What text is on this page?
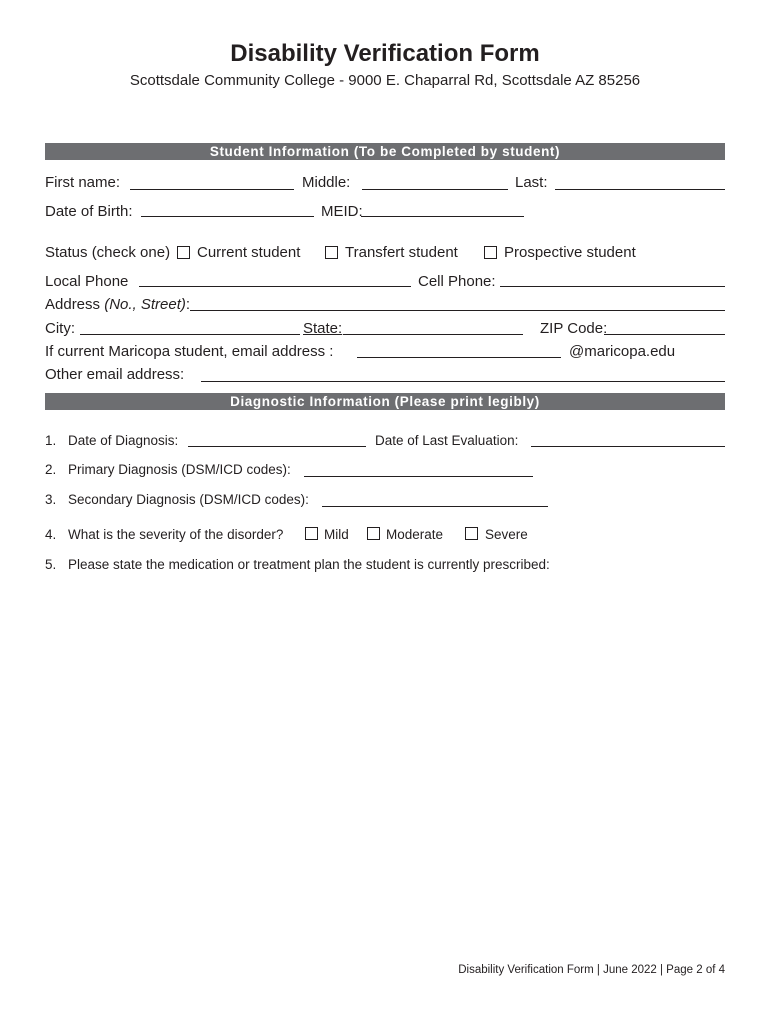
Disability Verification Form
Scottsdale Community College - 9000 E. Chaparral Rd, Scottsdale AZ 85256
Student Information (To be Completed by student)
First name:	Middle:	Last:
Date of Birth:	MEID:
Status (check one) Current student	Transfert student	Prospective student
Local Phone	Cell Phone:
Address (No., Street):
City:	State:	ZIP Code:
If current Maricopa student, email address :	@maricopa.edu
Other email address:
Diagnostic Information (Please print legibly)
1. Date of Diagnosis:	Date of Last Evaluation:
2. Primary Diagnosis (DSM/ICD codes):
3. Secondary Diagnosis (DSM/ICD codes):
4. What is the severity of the disorder?	Mild	Moderate	Severe
5. Please state the medication or treatment plan the student is currently prescribed:
Disability Verification Form | June 2022 | Page 2 of 4
